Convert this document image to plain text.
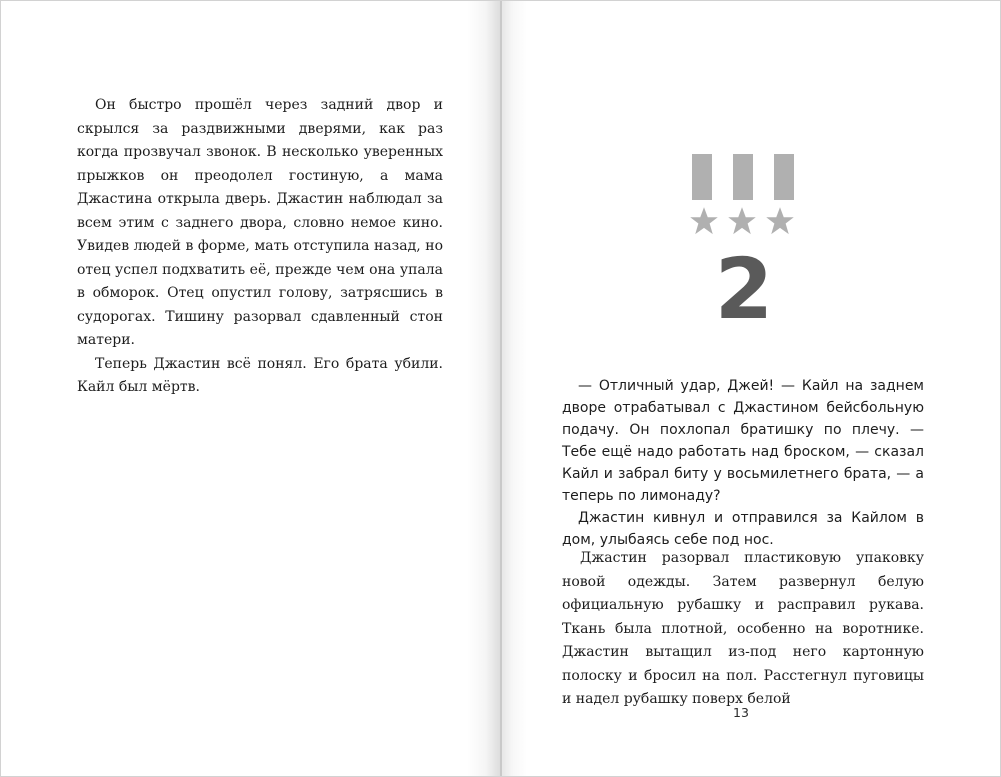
Он быстро прошёл через задний двор и скрылся за раздвижными дверями, как раз когда прозвучал звонок. В несколько уверенных прыжков он преодолел гостиную, а мама Джастина открыла дверь. Джастин наблюдал за всем этим с заднего двора, словно немое кино. Увидев людей в форме, мать отступила назад, но отец успел подхватить её, прежде чем она упала в обморок. Отец опустил голову, затрясшись в судорогах. Тишину разорвал сдавленный стон матери.

Теперь Джастин всё понял. Его брата убили. Кайл был мёртв.

2

— Отличный удар, Джей! — Кайл на заднем дворе отрабатывал с Джастином бейсбольную подачу. Он похлопал братишку по плечу. — Тебе ещё надо работать над броском, — сказал Кайл и забрал биту у восьмилетнего брата, — а теперь по лимонаду?

Джастин кивнул и отправился за Кайлом в дом, улыбаясь себе под нос.

Джастин разорвал пластиковую упаковку новой одежды. Затем развернул белую официальную рубашку и расправил рукава. Ткань была плотной, особенно на воротнике. Джастин вытащил из-под него картонную полоску и бросил на пол. Расстегнул пуговицы и надел рубашку поверх белой

13
